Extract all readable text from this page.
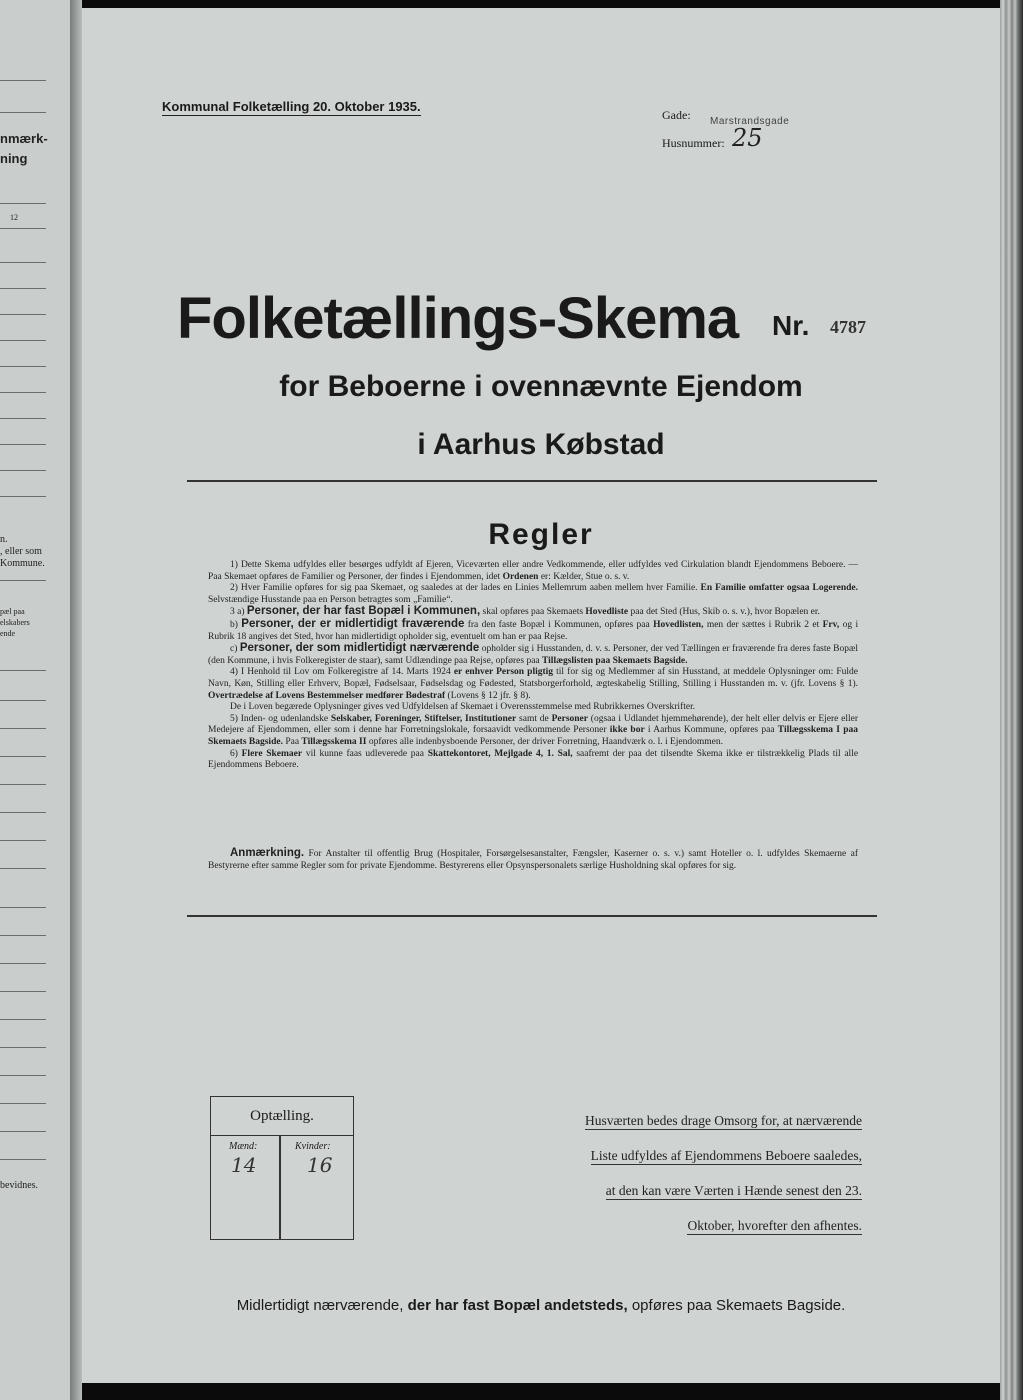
nmærk-
ning
12
n.
, eller som
Kommune.
pæl paa
elskabers
ende
bevidnes.
Kommunal Folketælling 20. Oktober 1935.
Gade: Marstrandsgade
Husnummer: 25
Folketællings-Skema Nr. 4787
for Beboerne i ovennævnte Ejendom
i Aarhus Købstad
Regler

1) Dette Skema udfyldes eller besørges udfyldt af Ejeren, Viceværten eller andre Vedkommende, eller udfyldes ved Cirkulation blandt Ejendommens Beboere. — Paa Skemaet opføres de Familier og Personer, der findes i Ejendommen, idet Ordenen er: Kælder, Stue o. s. v.

2) Hver Familie opføres for sig paa Skemaet, og saaledes at der lades en Linies Mellemrum aaben mellem hver Familie. En Familie omfatter ogsaa Logerende. Selvstændige Husstande paa en Person betragtes som „Familie“.

3 a) Personer, der har fast Bopæl i Kommunen, skal opføres paa Skemaets Hovedliste paa det Sted (Hus, Skib o. s. v.), hvor Bopælen er.

b) Personer, der er midlertidigt fraværende fra den faste Bopæl i Kommunen, opføres paa Hovedlisten, men der sættes i Rubrik 2 et Frv, og i Rubrik 18 angives det Sted, hvor han midlertidigt opholder sig, eventuelt om han er paa Rejse.

c) Personer, der som midlertidigt nærværende opholder sig i Husstanden, d. v. s. Personer, der ved Tællingen er fraværende fra deres faste Bopæl (den Kommune, i hvis Folkeregister de staar), samt Udlændinge paa Rejse, opføres paa Tillægslisten paa Skemaets Bagside.

4) I Henhold til Lov om Folkeregistre af 14. Marts 1924 er enhver Person pligtig til for sig og Medlemmer af sin Husstand, at meddele Oplysninger om: Fulde Navn, Køn, Stilling eller Erhverv, Bopæl, Fødselsaar, Fødselsdag og Fødested, Statsborgerforhold, ægteskabelig Stilling, Stilling i Husstanden m. v. (jfr. Lovens § 1). Overtrædelse af Lovens Bestemmelser medfører Bødestraf (Lovens § 12 jfr. § 8).

De i Loven begærede Oplysninger gives ved Udfyldelsen af Skemaet i Overensstemmelse med Rubrikkernes Overskrifter.

5) Inden- og udenlandske Selskaber, Foreninger, Stiftelser, Institutioner samt de Personer (ogsaa i Udlandet hjemmehørende), der helt eller delvis er Ejere eller Medejere af Ejendommen, eller som i denne har Forretningslokale, forsaavidt vedkommende Personer ikke bor i Aarhus Kommune, opføres paa Tillægsskema I paa Skemaets Bagside. Paa Tillægsskema II opføres alle indenbysboende Personer, der driver Forretning, Haandværk o. l. i Ejendommen.

6) Flere Skemaer vil kunne faas udleverede paa Skattekontoret, Mejlgade 4, 1. Sal, saafremt der paa det tilsendte Skema ikke er tilstrækkelig Plads til alle Ejendommens Beboere.

Anmærkning. For Anstalter til offentlig Brug (Hospitaler, Forsørgelsesanstalter, Fængsler, Kaserner o. s. v.) samt Hoteller o. l. udfyldes Skemaerne af Bestyrerne efter samme Regler som for private Ejendomme. Bestyrerens eller Opsynspersonalets særlige Husholdning skal opføres for sig.

Optælling.
Mænd:
14
Kvinder:
16
Husværten bedes drage Omsorg for, at nærværende
Liste udfyldes af Ejendommens Beboere saaledes,
at den kan være Værten i Hænde senest den 23.
Oktober, hvorefter den afhentes.
Midlertidigt nærværende, der har fast Bopæl andetsteds, opføres paa Skemaets Bagside.
